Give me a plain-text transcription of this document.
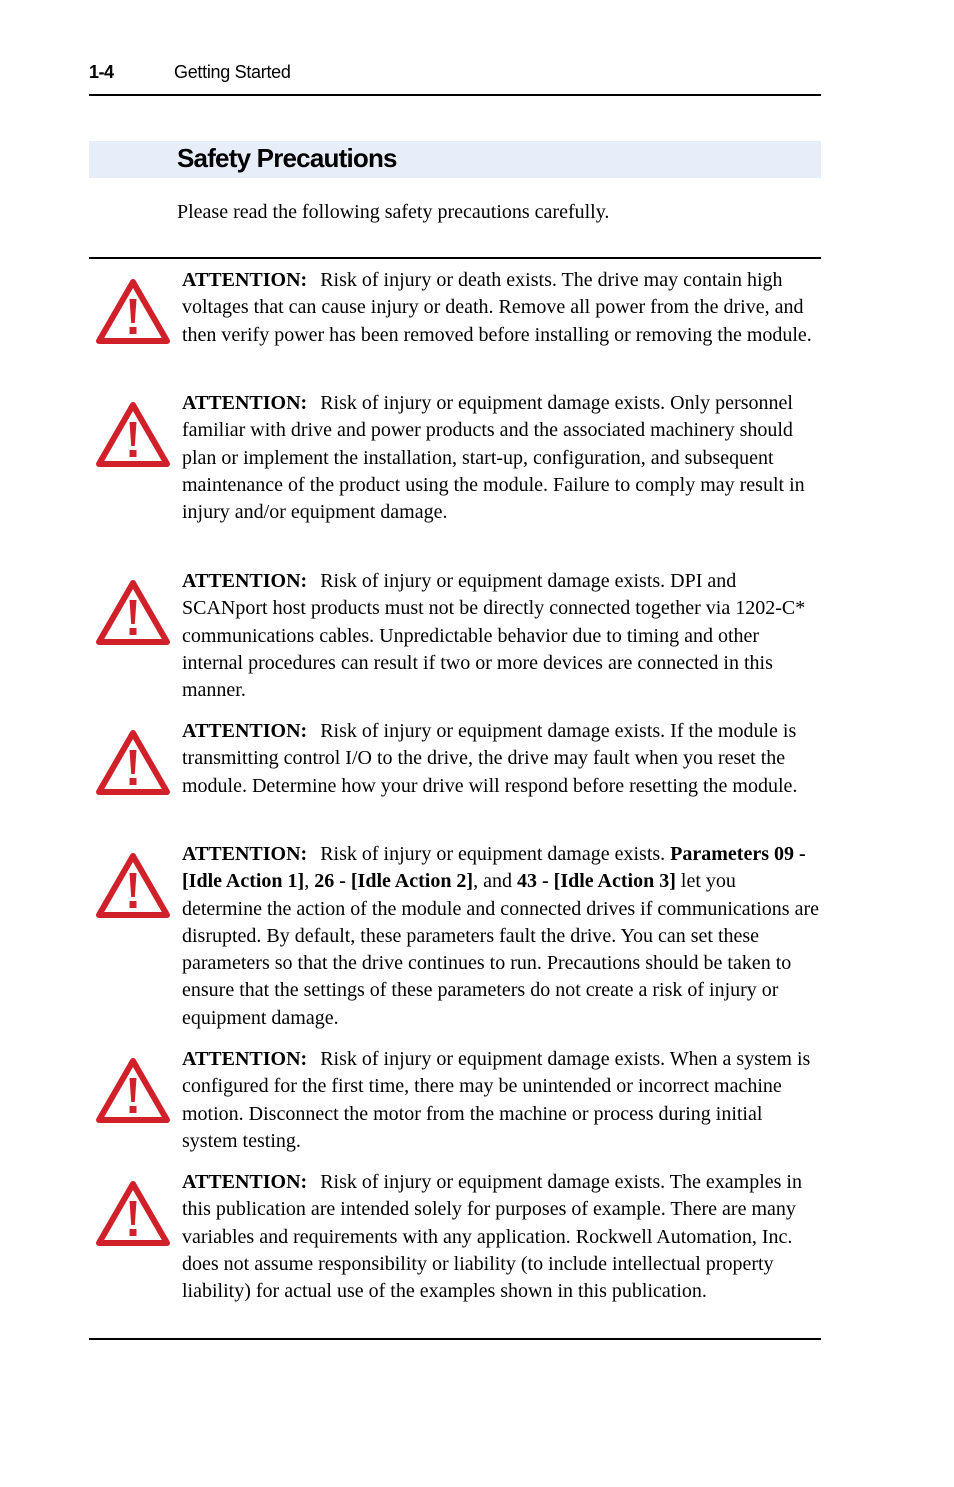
1-4	Getting Started
Safety Precautions
Please read the following safety precautions carefully.
ATTENTION: Risk of injury or death exists. The drive may contain high voltages that can cause injury or death. Remove all power from the drive, and then verify power has been removed before installing or removing the module.
ATTENTION: Risk of injury or equipment damage exists. Only personnel familiar with drive and power products and the associated machinery should plan or implement the installation, start-up, configuration, and subsequent maintenance of the product using the module. Failure to comply may result in injury and/or equipment damage.
ATTENTION: Risk of injury or equipment damage exists. DPI and SCANport host products must not be directly connected together via 1202-C* communications cables. Unpredictable behavior due to timing and other internal procedures can result if two or more devices are connected in this manner.
ATTENTION: Risk of injury or equipment damage exists. If the module is transmitting control I/O to the drive, the drive may fault when you reset the module. Determine how your drive will respond before resetting the module.
ATTENTION: Risk of injury or equipment damage exists. Parameters 09 - [Idle Action 1], 26 - [Idle Action 2], and 43 - [Idle Action 3] let you determine the action of the module and connected drives if communications are disrupted. By default, these parameters fault the drive. You can set these parameters so that the drive continues to run. Precautions should be taken to ensure that the settings of these parameters do not create a risk of injury or equipment damage.
ATTENTION: Risk of injury or equipment damage exists. When a system is configured for the first time, there may be unintended or incorrect machine motion. Disconnect the motor from the machine or process during initial system testing.
ATTENTION: Risk of injury or equipment damage exists. The examples in this publication are intended solely for purposes of example. There are many variables and requirements with any application. Rockwell Automation, Inc. does not assume responsibility or liability (to include intellectual property liability) for actual use of the examples shown in this publication.
